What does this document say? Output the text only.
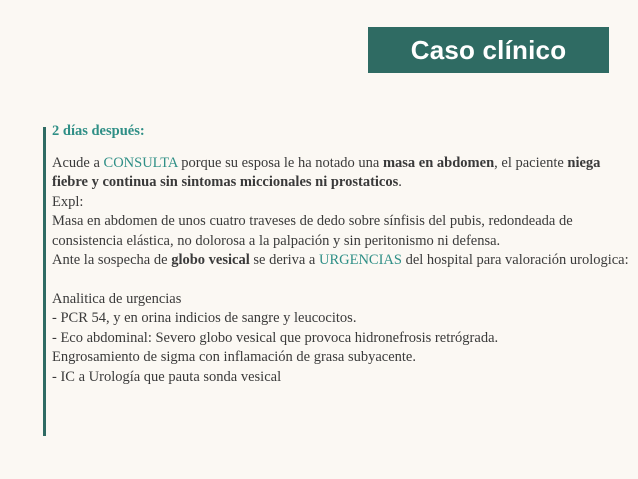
Caso clínico

2 días después:

Acude a CONSULTA porque su esposa le ha notado una masa en abdomen, el paciente niega fiebre y continua sin sintomas miccionales ni prostaticos.

Expl:

Masa en abdomen de unos cuatro traveses de dedo sobre sínfisis del pubis, redondeada de consistencia elástica, no dolorosa a la palpación y sin peritonismo ni defensa.

Ante la sospecha de globo vesical se deriva a URGENCIAS del hospital para valoración urologica:

Analitica de urgencias

- PCR 54, y en orina indicios de sangre y leucocitos.

- Eco abdominal: Severo globo vesical que provoca hidronefrosis retrógrada.

Engrosamiento de sigma con inflamación de grasa subyacente.

- IC a Urología que pauta sonda vesical
